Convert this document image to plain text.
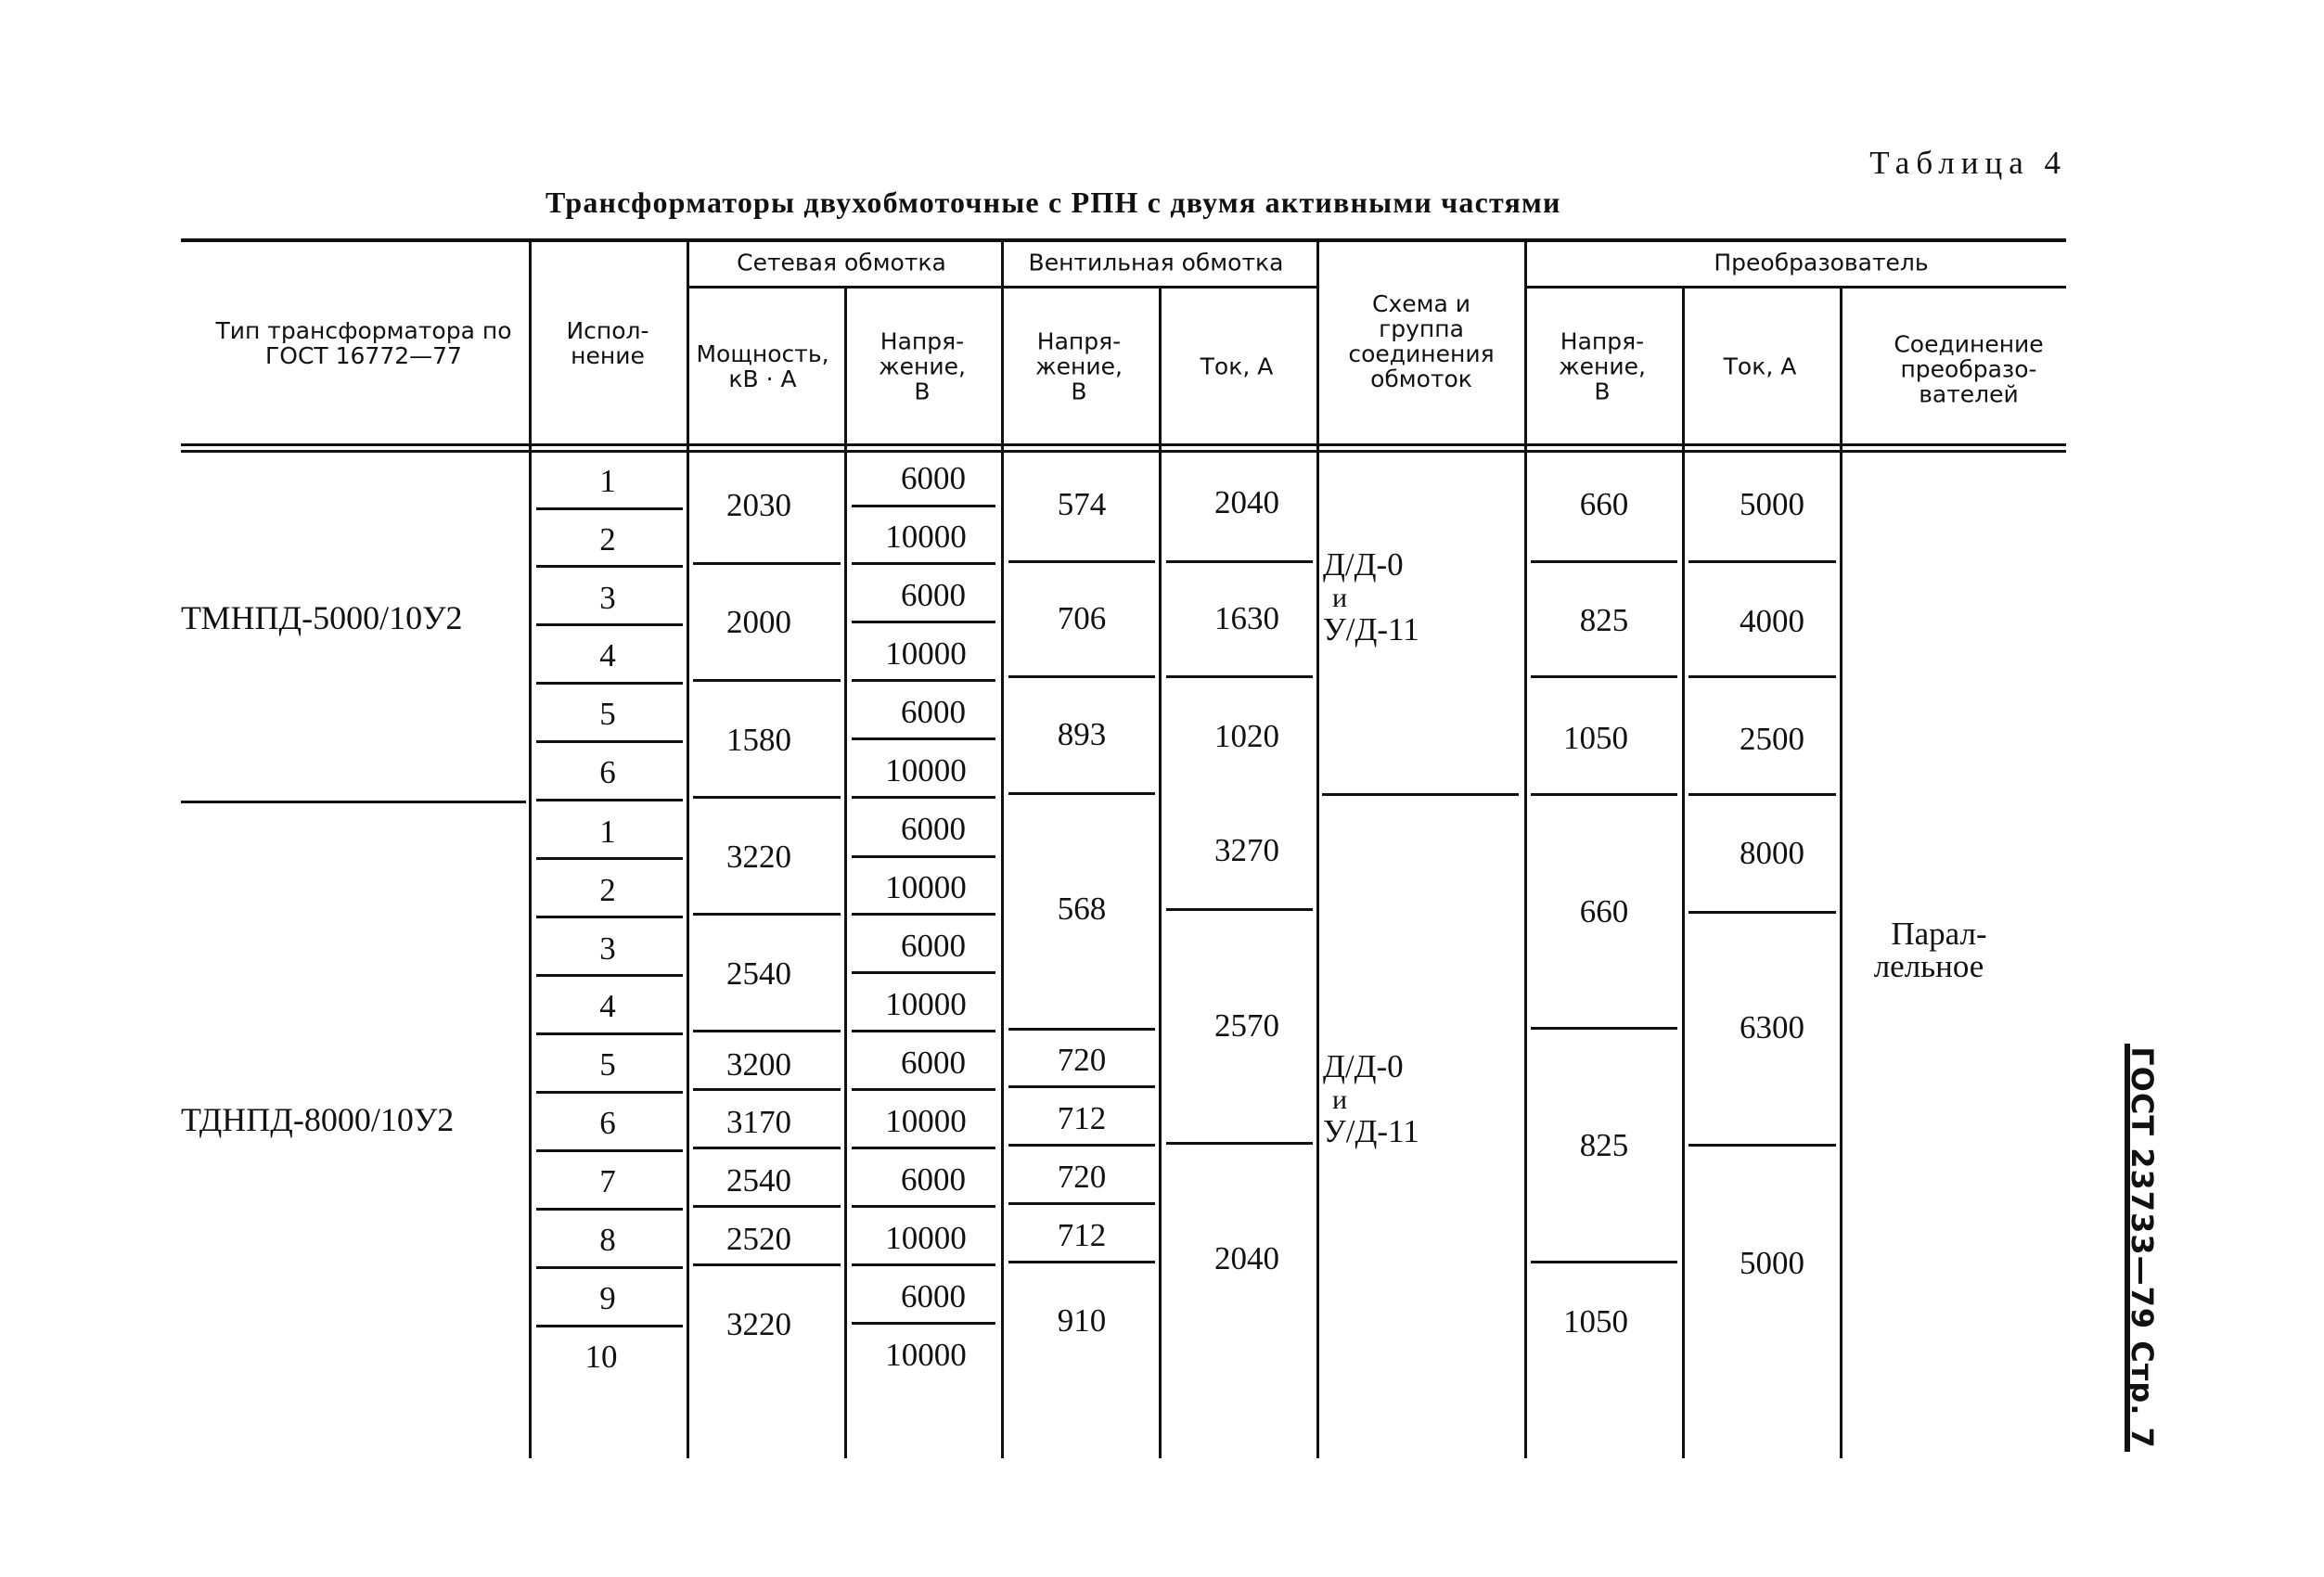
Таблица 4
Трансформаторы двухобмоточные с РПН с двумя активными частями
Тип трансформатора по ГОСТ 16772—77
Испол- нение
Сетевая обмотка
Мощность, кВ · А
Напря- жение, В
Вентильная обмотка
Напря- жение, В
Ток, А
Схема и группа соединения обмоток
Преобразователь
Напря- жение, В
Ток, А
Соединение преобразо- вателей
ТМНПД-5000/10У2
1
2
3
4
5
6
2030
2000
1580
6000
10000
6000
10000
6000
10000
574
706
893
2040
1630
1020
Д/Д-0
и
У/Д-11
660
825
1050
5000
4000
2500
ТДНПД-8000/10У2
1
2
3
4
5
6
7
8
9
10
3220
2540
3200
3170
2540
2520
3220
6000
10000
6000
10000
6000
10000
6000
10000
6000
10000
568
720
712
720
712
910
3270
2570
2040
Д/Д-0
и
У/Д-11
660
825
1050
8000
6300
5000
Парал-
лельное
ГОСТ 23733—79 Стр. 7
